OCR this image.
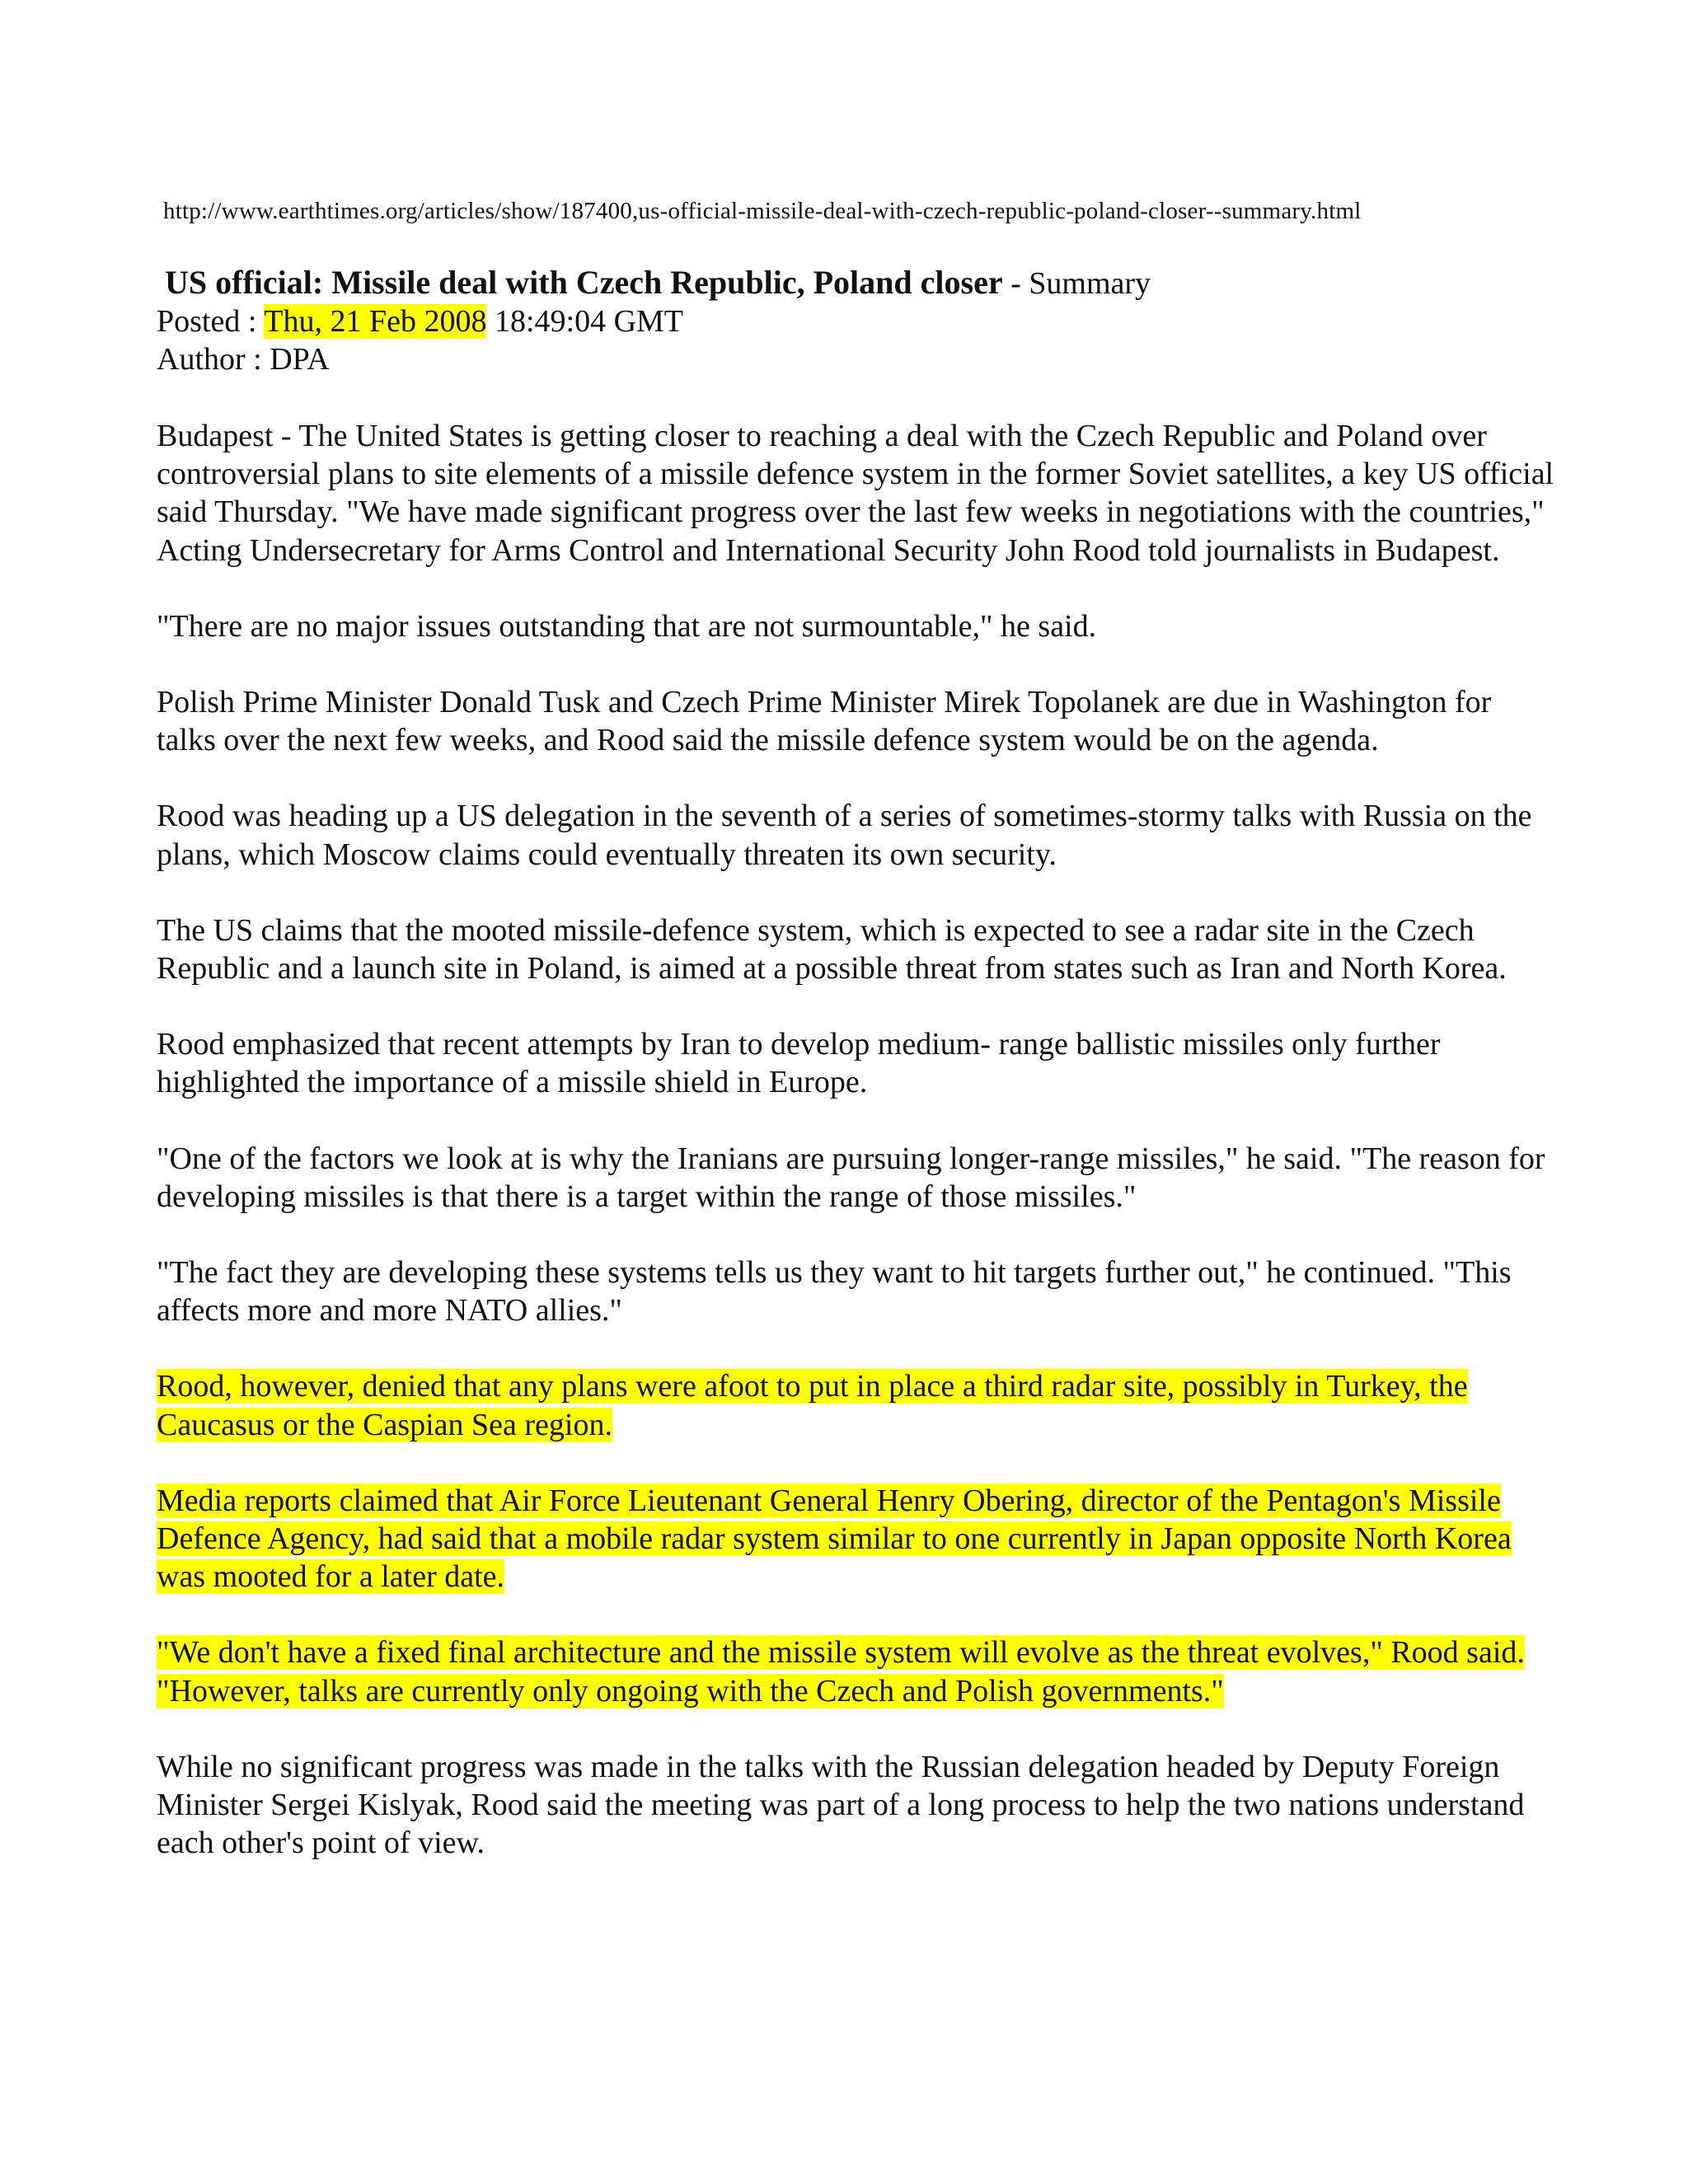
http://www.earthtimes.org/articles/show/187400,us-official-missile-deal-with-czech-republic-poland-closer--summary.html

US official: Missile deal with Czech Republic, Poland closer - Summary

Posted : Thu, 21 Feb 2008 18:49:04 GMT

Author : DPA

Budapest - The United States is getting closer to reaching a deal with the Czech Republic and Poland over controversial plans to site elements of a missile defence system in the former Soviet satellites, a key US official said Thursday. "We have made significant progress over the last few weeks in negotiations with the countries," Acting Undersecretary for Arms Control and International Security John Rood told journalists in Budapest.

"There are no major issues outstanding that are not surmountable," he said.

Polish Prime Minister Donald Tusk and Czech Prime Minister Mirek Topolanek are due in Washington for talks over the next few weeks, and Rood said the missile defence system would be on the agenda.

Rood was heading up a US delegation in the seventh of a series of sometimes-stormy talks with Russia on the plans, which Moscow claims could eventually threaten its own security.

The US claims that the mooted missile-defence system, which is expected to see a radar site in the Czech Republic and a launch site in Poland, is aimed at a possible threat from states such as Iran and North Korea.

Rood emphasized that recent attempts by Iran to develop medium- range ballistic missiles only further highlighted the importance of a missile shield in Europe.

"One of the factors we look at is why the Iranians are pursuing longer-range missiles," he said. "The reason for developing missiles is that there is a target within the range of those missiles."

"The fact they are developing these systems tells us they want to hit targets further out," he continued. "This affects more and more NATO allies."

Rood, however, denied that any plans were afoot to put in place a third radar site, possibly in Turkey, the Caucasus or the Caspian Sea region.

Media reports claimed that Air Force Lieutenant General Henry Obering, director of the Pentagon's Missile Defence Agency, had said that a mobile radar system similar to one currently in Japan opposite North Korea was mooted for a later date.

"We don't have a fixed final architecture and the missile system will evolve as the threat evolves," Rood said. "However, talks are currently only ongoing with the Czech and Polish governments."

While no significant progress was made in the talks with the Russian delegation headed by Deputy Foreign Minister Sergei Kislyak, Rood said the meeting was part of a long process to help the two nations understand each other's point of view.
